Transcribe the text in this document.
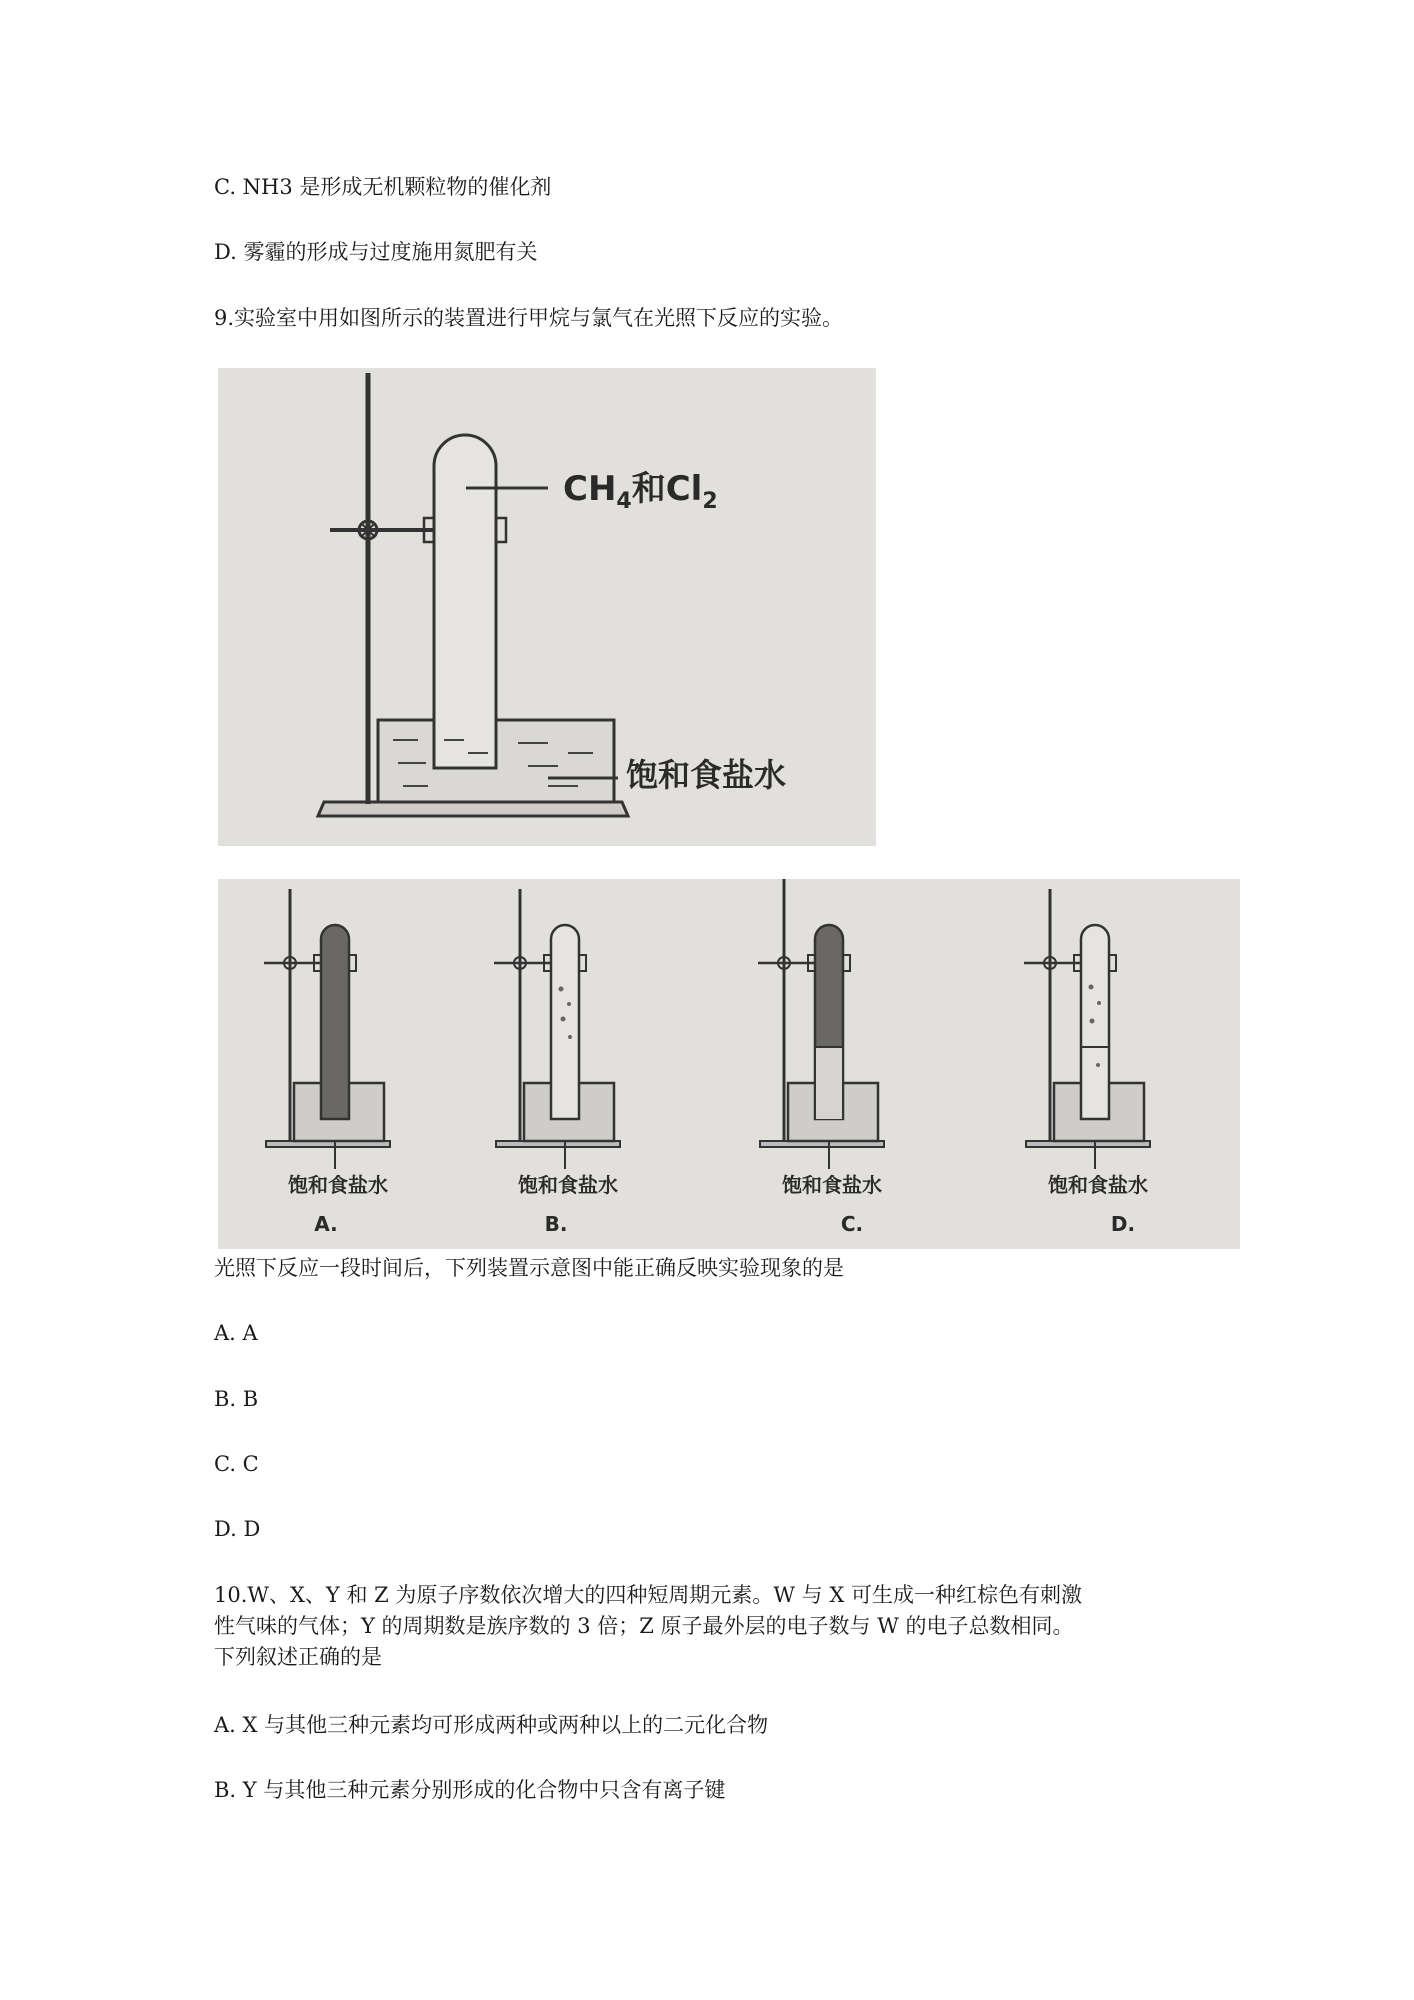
C. NH3 是形成无机颗粒物的催化剂

D. 雾霾的形成与过度施用氮肥有关

9.实验室中用如图所示的装置进行甲烷与氯气在光照下反应的实验。

$CH_4$和$Cl_2$
饱和食盐水
饱和食盐水
A.
饱和食盐水
B.
饱和食盐水
C.
饱和食盐水
D.

光照下反应一段时间后，下列装置示意图中能正确反映实验现象的是

A. A

B. B

C. C

D. D

10.W、X、Y 和 Z 为原子序数依次增大的四种短周期元素。W 与 X 可生成一种红棕色有刺激

性气味的气体；Y 的周期数是族序数的 3 倍；Z 原子最外层的电子数与 W 的电子总数相同。

下列叙述正确的是

A. X 与其他三种元素均可形成两种或两种以上的二元化合物

B. Y 与其他三种元素分别形成的化合物中只含有离子键
